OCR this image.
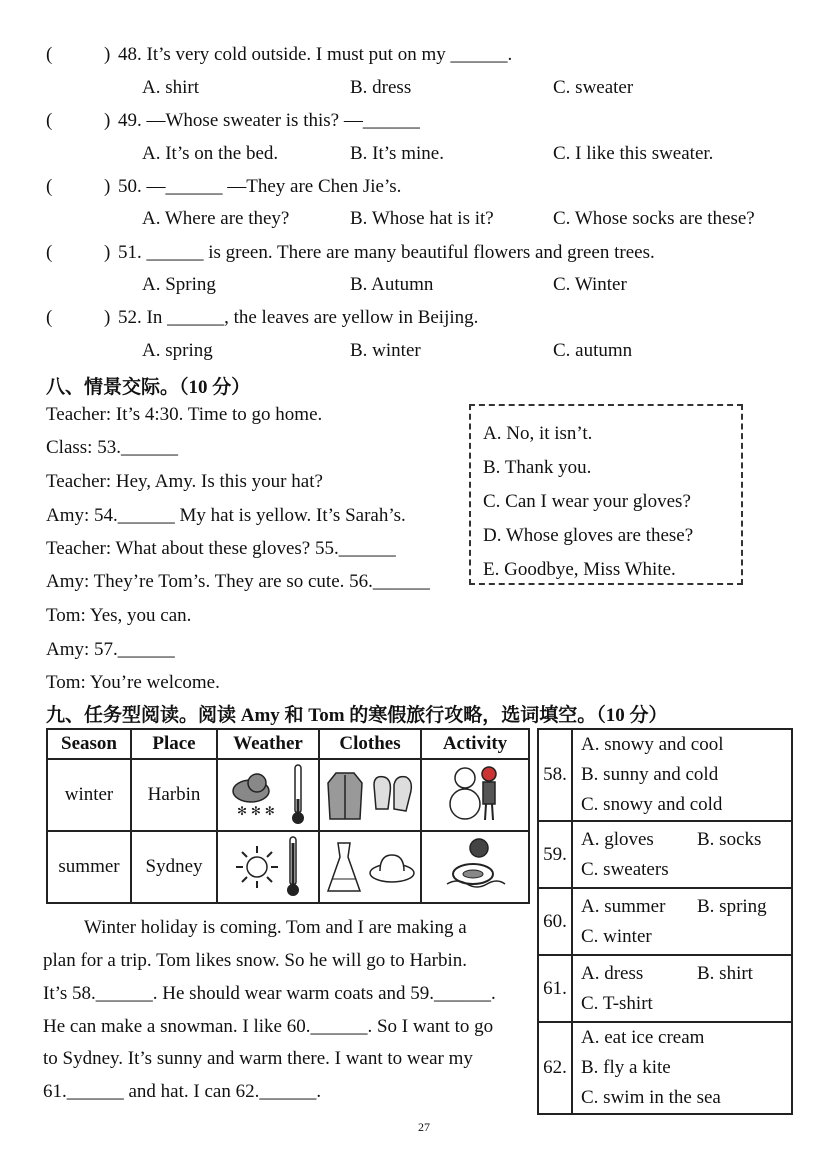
(	) 48. It’s very cold outside. I must put on my ______.
A. shirt	B. dress	C. sweater
(	) 49. —Whose sweater is this? —______
A. It’s on the bed.	B. It’s mine.	C. I like this sweater.
(	) 50. —______ —They are Chen Jie’s.
A. Where are they?	B. Whose hat is it?	C. Whose socks are these?
(	) 51. ______ is green. There are many beautiful flowers and green trees.
A. Spring	B. Autumn	C. Winter
(	) 52. In ______, the leaves are yellow in Beijing.
A. spring	B. winter	C. autumn
八、情景交际。（10 分）
Teacher: It’s 4:30. Time to go home.
Class: 53.______
Teacher: Hey, Amy. Is this your hat?
Amy: 54.______ My hat is yellow. It’s Sarah’s.
Teacher: What about these gloves? 55.______
Amy: They’re Tom’s. They are so cute. 56.______
Tom: Yes, you can.
Amy: 57.______
Tom: You’re welcome.
A. No, it isn’t.
B. Thank you.
C. Can I wear your gloves?
D. Whose gloves are these?
E. Goodbye, Miss White.
九、任务型阅读。阅读 Amy 和 Tom 的寒假旅行攻略，选词填空。（10 分）
Season	Place	Weather	Clothes	Activity
winter	Harbin	✻ ✻ ✻

summer	Sydney	

Winter holiday is coming. Tom and I are making a
plan for a trip. Tom likes snow. So he will go to Harbin.
It’s 58.______. He should wear warm coats and 59.______.
He can make a snowman. I like 60.______. So I want to go
to Sydney. It’s sunny and warm there. I want to wear my
61.______ and hat. I can 62.______.
58.	A. snowy and cool
B. sunny and cold
C. snowy and cold

59.	A. gloves B. socks
C. sweaters

60.	A. summer B. spring
C. winter

61.	A. dress B. shirt
C. T-shirt

62.	A. eat ice cream
B. fly a kite
C. swim in the sea
27
